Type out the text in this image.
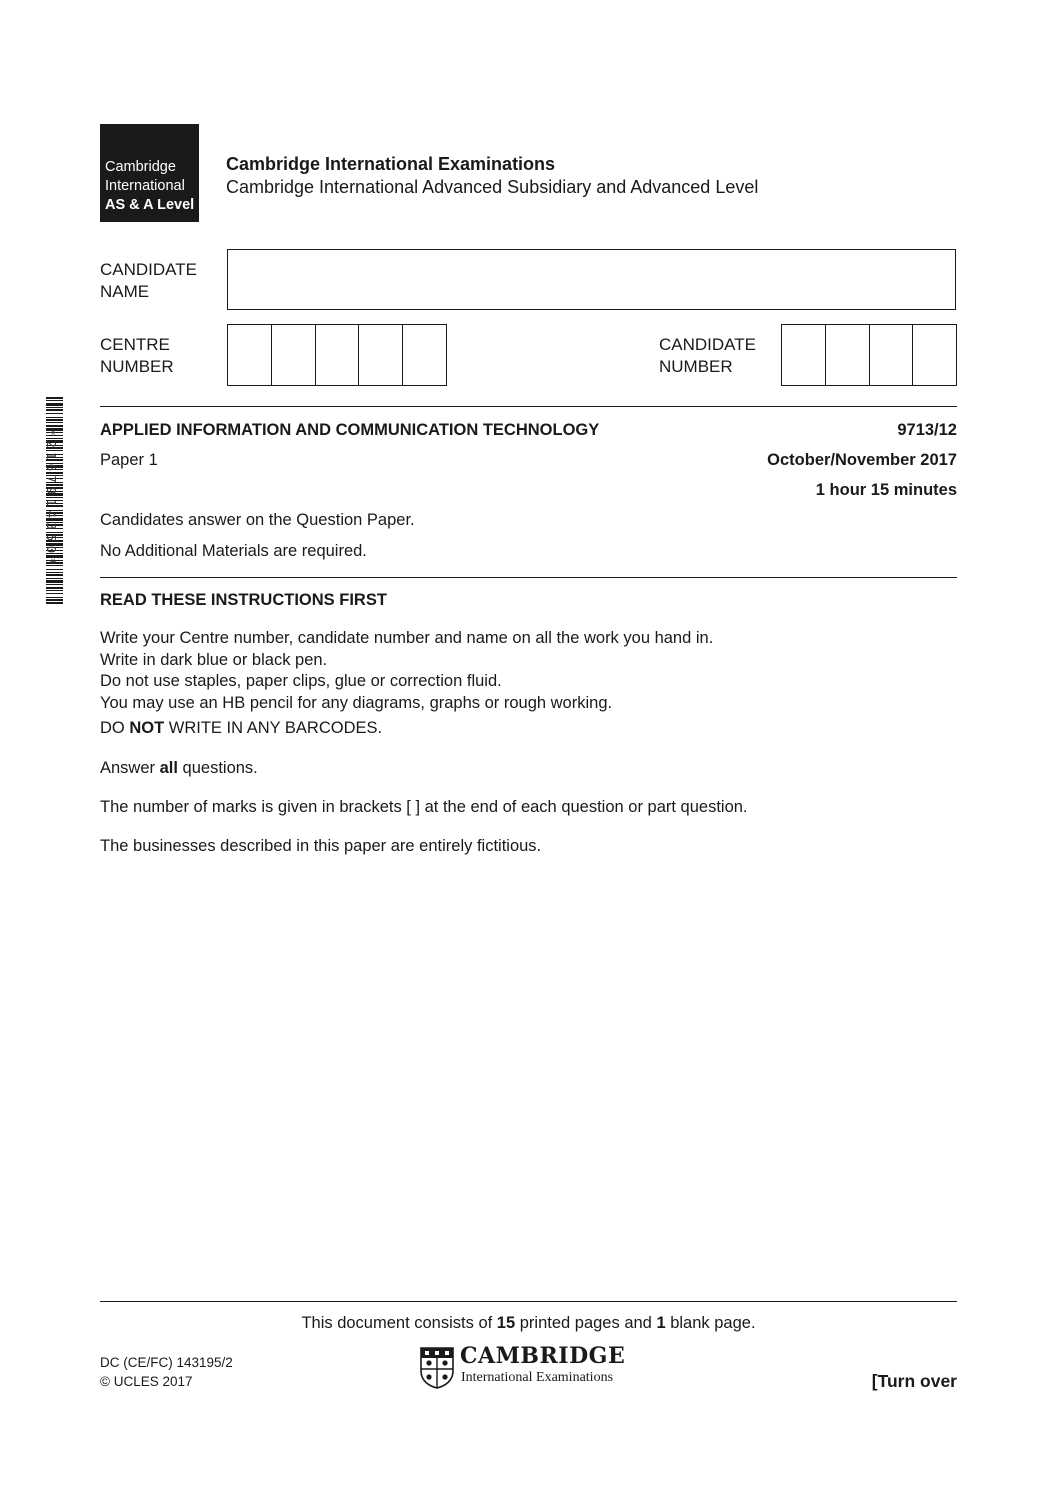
Cambridge
International
AS & A Level
Cambridge International Examinations
Cambridge International Advanced Subsidiary and Advanced Level
CANDIDATE
NAME
CENTRE
NUMBER
CANDIDATE
NUMBER
*2167914350*	APPLIED INFORMATION AND COMMUNICATION TECHNOLOGY	9713/12
Paper 1	October/November 2017
1 hour 15 minutes
Candidates answer on the Question Paper.
No Additional Materials are required.
READ THESE INSTRUCTIONS FIRST
Write your Centre number, candidate number and name on all the work you hand in.
Write in dark blue or black pen.
Do not use staples, paper clips, glue or correction fluid.
You may use an HB pencil for any diagrams, graphs or rough working.
DO NOT WRITE IN ANY BARCODES.
Answer all questions.
The number of marks is given in brackets [ ] at the end of each question or part question.
The businesses described in this paper are entirely fictitious.
This document consists of 15 printed pages and 1 blank page.
DC (CE/FC) 143195/2
© UCLES 2017
CAMBRIDGE
International Examinations	[Turn over
